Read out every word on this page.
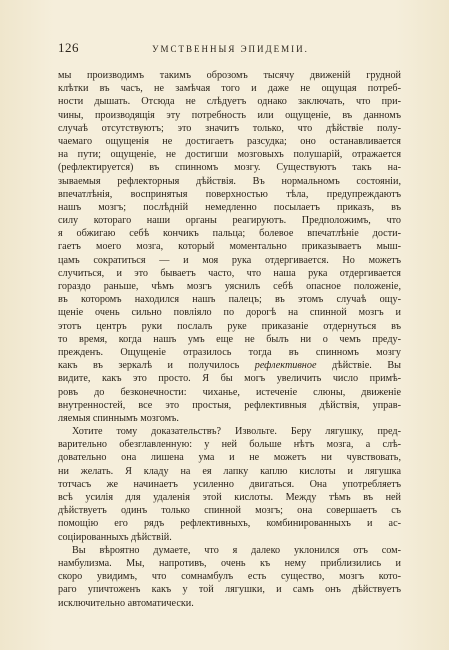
126	УМСТВЕННЫЯ ЭПИДЕМІИ.
мы производимъ такимъ оброзомъ тысячу движеній грудной
клѣтки въ часъ, не замѣчая того и даже не ощущая потреб-
ности дышать. Отсюда не слѣдуетъ однако заключать, что при-
чины, производящія эту потребность или ощущеніе, въ данномъ
случаѣ отсутствуютъ; это значитъ только, что дѣйствіе полу-
чаемаго ощущенія не достигаетъ разсудка; оно останавливается
на пути; ощущеніе, не достигши мозговыхъ полушарій, отражается
(рефлектируется) въ спинномъ мозгу. Существуютъ такъ на-
зываемыя рефлекторныя дѣйствія. Въ нормальномъ состояніи,
впечатлѣнія, воспринятыя поверхностью тѣла, предупреждаютъ
нашъ мозгъ; послѣдній немедленно посылаетъ приказъ, въ
силу котораго наши органы реагируютъ. Предположимъ, что
я обжигаю себѣ кончикъ пальца; болевое впечатлѣніе дости-
гаетъ моего мозга, который моментально приказываетъ мыш-
цамъ сократиться — и моя рука отдергивается. Но можетъ
случиться, и это бываетъ часто, что наша рука отдергивается
гораздо раньше, чѣмъ мозгъ уяснилъ себѣ опасное положеніе,
въ которомъ находился нашъ палецъ; въ этомъ случаѣ ощу-
щеніе очень сильно повліяло по дорогѣ на спинной мозгъ и
этотъ центръ руки послалъ руке приказаніе отдернуться въ
то время, когда нашъ умъ еще не былъ ни о чемъ преду-
прежденъ. Ощущеніе отразилось тогда въ спинномъ мозгу
какъ въ зеркалѣ и получилось рефлективное дѣйствіе. Вы
видите, какъ это просто. Я бы могъ увеличить число примѣ-
ровъ до безконечности: чиханье, истеченіе слюны, движеніе
внутренностей, все это простыя, рефлективныя дѣйствія, управ-
ляемыя спиннымъ мозгомъ.
Хотите тому доказательствъ? Извольте. Беру лягушку, пред-
варительно обезглавленную: у ней больше нѣтъ мозга, а слѣ-
довательно она лишена ума и не можетъ ни чувствовать,
ни желать. Я кладу на ея лапку каплю кислоты и лягушка
тотчасъ же начинаетъ усиленно двигаться. Она употребляетъ
всѣ усилія для удаленія этой кислоты. Между тѣмъ въ ней
дѣйствуетъ одинъ только спинной мозгъ; она совершаетъ съ
помощію его рядъ рефлективныхъ, комбинированныхъ и ас-
соціированныхъ дѣйствій.
Вы вѣроятно думаете, что я далеко уклонился отъ сом-
намбулизма. Мы, напротивъ, очень къ нему приблизились и
скоро увидимъ, что сомнамбулъ есть существо, мозгъ кото-
раго упичтоженъ какъ у той лягушки, и самъ онъ дѣйствуетъ
исключительно автоматически.
